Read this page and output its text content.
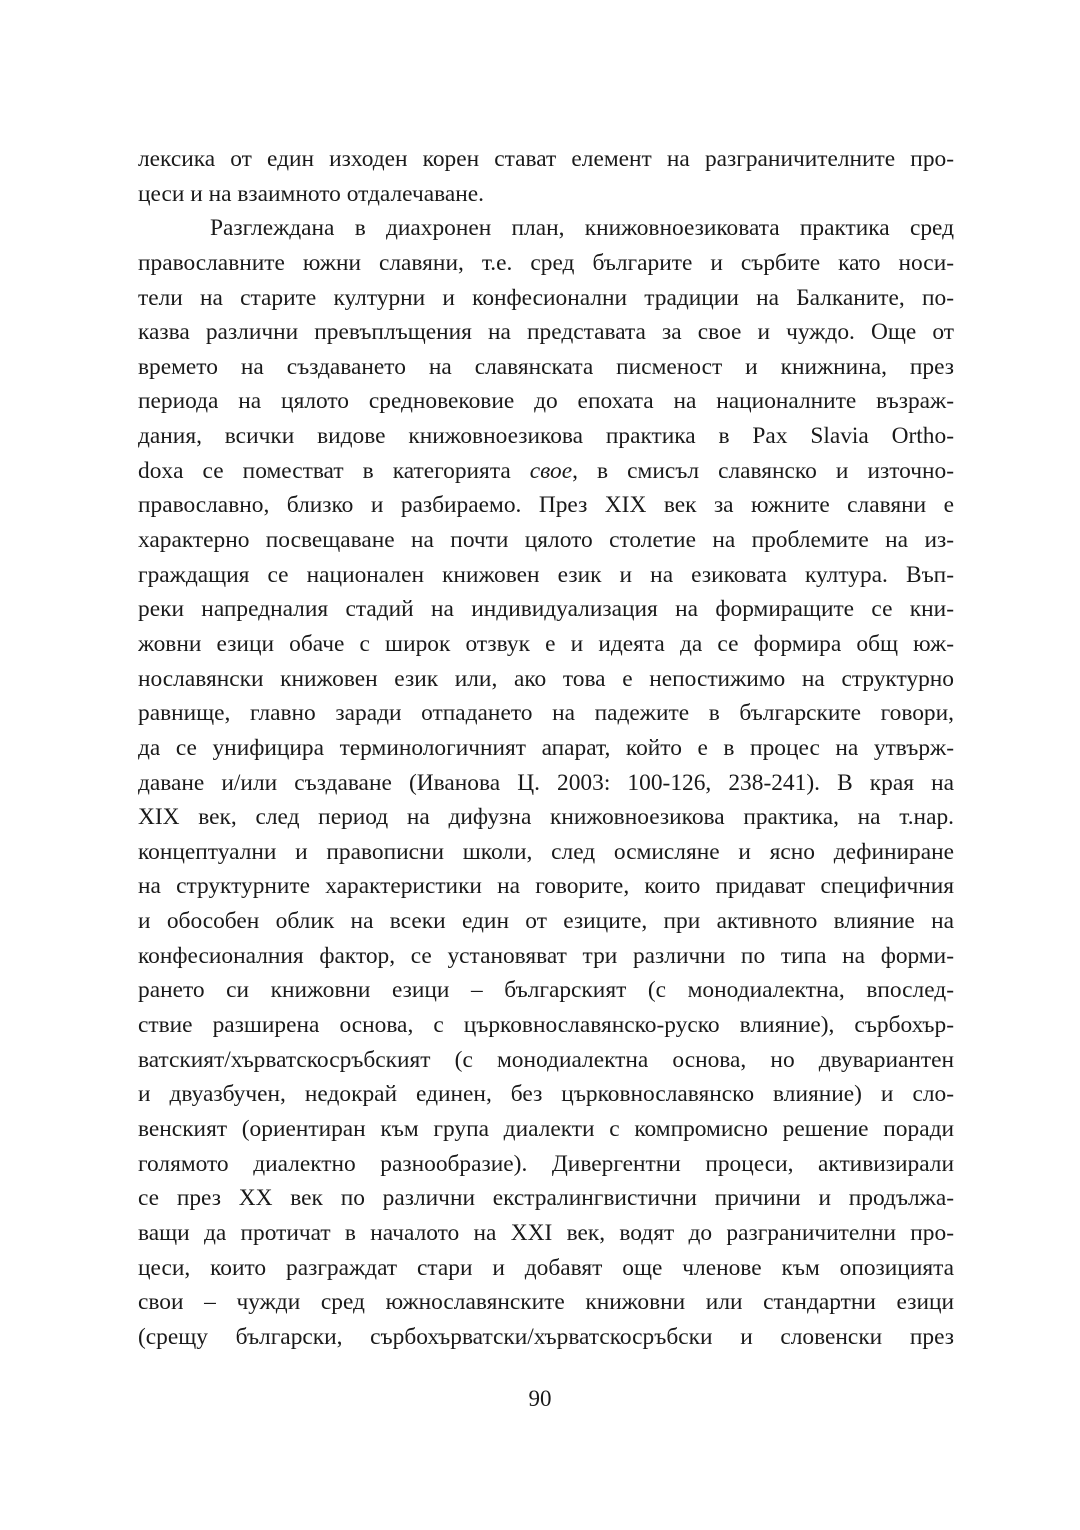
лексика от един изходен корен стават елемент на разграничителните про-
цеси и на взаимното отдалечаване.
Разглеждана в диахронен план, книжовноезиковата практика сред
православните южни славяни, т.е. сред българите и сърбите като носи-
тели на старите културни и конфесионални традиции на Балканите, по-
казва различни превъплъщения на представата за свое и чуждо. Още от
времето на създаването на славянската писменост и книжнина, през
периода на цялото средновековие до епохата на националните възраж-
дания, всички видове книжовноезикова практика в Pax Slavia Ortho-
doxa се поместват в категорията свое, в смисъл славянско и източно-
православно, близко и разбираемо. През XIX век за южните славяни е
характерно посвещаване на почти цялото столетие на проблемите на из-
граждащия се национален книжовен език и на езиковата култура. Въп-
реки напредналия стадий на индивидуализация на формиращите се кни-
жовни езици обаче с широк отзвук е и идеята да се формира общ юж-
нославянски книжовен език или, ако това е непостижимо на структурно
равнище, главно заради отпадането на падежите в българските говори,
да се унифицира терминологичният апарат, който е в процес на утвърж-
даване и/или създаване (Иванова Ц. 2003: 100-126, 238-241). В края на
XIX век, след период на дифузна книжовноезикова практика, на т.нар.
концептуални и правописни школи, след осмисляне и ясно дефиниране
на структурните характеристики на говорите, които придават специфичния
и обособен облик на всеки един от езиците, при активното влияние на
конфесионалния фактор, се установяват три различни по типа на форми-
рането си книжовни езици – българският (с монодиалектна, впослед-
ствие разширена основа, с църковнославянско-руско влияние), сърбохър-
ватският/хърватскосръбският (с монодиалектна основа, но двувариантен
и двуазбучен, недокрай единен, без църковнославянско влияние) и сло-
венският (ориентиран към група диалекти с компромисно решение поради
голямото диалектно разнообразие). Дивергентни процеси, активизирали
се през XX век по различни екстралингвистични причини и продължа-
ващи да протичат в началото на XXI век, водят до разграничителни про-
цеси, които разграждат стари и добавят още членове към опозицията
свои – чужди сред южнославянските книжовни или стандартни езици
(срещу български, сърбохърватски/хърватскосръбски и словенски през
90
